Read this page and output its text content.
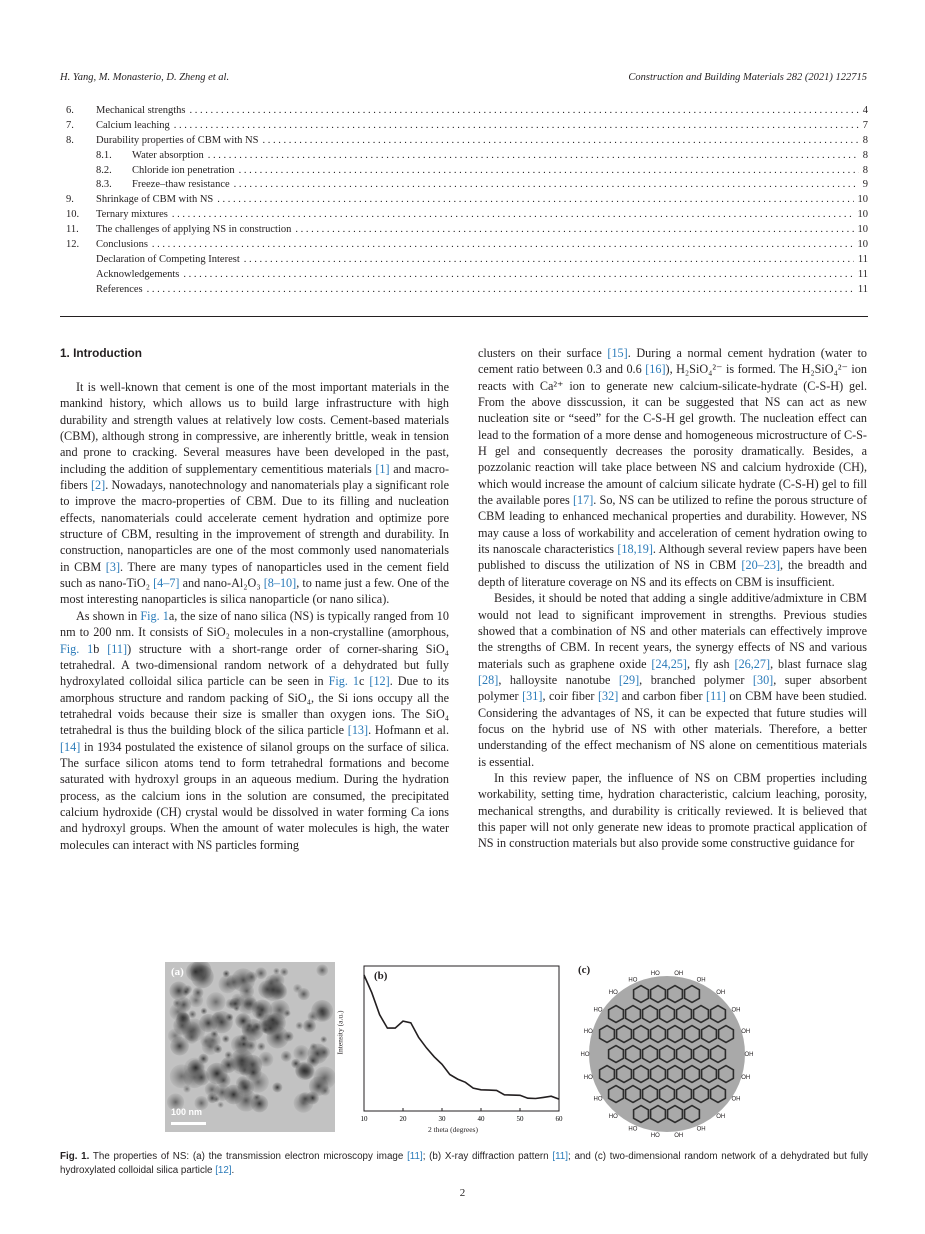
H. Yang, M. Monasterio, D. Zheng et al.	Construction and Building Materials 282 (2021) 122715
6.	Mechanical strengths . . .	4
7.	Calcium leaching . . .	7
8.	Durability properties of CBM with NS . . .	8
8.1.	Water absorption . . .	8
8.2.	Chloride ion penetration . . .	8
8.3.	Freeze–thaw resistance . . .	9
9.	Shrinkage of CBM with NS . . .	10
10.	Ternary mixtures . . .	10
11.	The challenges of applying NS in construction . . .	10
12.	Conclusions . . .	10
Declaration of Competing Interest . . .	11
Acknowledgements . . .	11
References . . .	11
1. Introduction

It is well-known that cement is one of the most important materials in the mankind history, which allows us to build large infrastructure with high durability and strength values at relatively low costs. Cement-based materials (CBM), although strong in compressive, are inherently brittle, weak in tension and prone to cracking. Several measures have been developed in the past, including the addition of supplementary cementitious materials [1] and macro-fibers [2]. Nowadays, nanotechnology and nanomaterials play a significant role to improve the macro-properties of CBM. Due to its filling and nucleation effects, nanomaterials could accelerate cement hydration and optimize pore structure of CBM, resulting in the improvement of strength and durability. In construction, nanoparticles are one of the most commonly used nanomaterials in CBM [3]. There are many types of nanoparticles used in the cement field such as nano-TiO₂ [4–7] and nano-Al₂O₃ [8–10], to name just a few. One of the most interesting nanoparticles is silica nanoparticle (or nano silica).

As shown in Fig. 1a, the size of nano silica (NS) is typically ranged from 10 nm to 200 nm. It consists of SiO₂ molecules in a non-crystalline (amorphous, Fig. 1b [11]) structure with a short-range order of corner-sharing SiO₄ tetrahedral. A two-dimensional random network of a dehydrated but fully hydroxylated colloidal silica particle can be seen in Fig. 1c [12]. Due to its amorphous structure and random packing of SiO₄, the Si ions occupy all the tetrahedral voids because their size is smaller than oxygen ions. The SiO₄ tetrahedral is thus the building block of the silica particle [13]. Hofmann et al. [14] in 1934 postulated the existence of silanol groups on the surface of silica. The surface silicon atoms tend to form tetrahedral formations and become saturated with hydroxyl groups in an aqueous medium. During the hydration process, as the calcium ions in the solution are consumed, the precipitated calcium hydroxide (CH) crystal would be dissolved in water forming Ca ions and hydroxyl groups. When the amount of water molecules is high, the water molecules can interact with NS particles forming

clusters on their surface [15]. During a normal cement hydration (water to cement ratio between 0.3 and 0.6 [16]), H₂SiO₄²⁻ is formed. The H₂SiO₄²⁻ ion reacts with Ca²⁺ ion to generate new calcium-silicate-hydrate (C-S-H) gel. From the above disscussion, it can be suggested that NS can act as new nucleation site or “seed” for the C-S-H gel growth. The nucleation effect can lead to the formation of a more dense and homogeneous microstructure of C-S-H gel and consequently decreases the porosity dramatically. Besides, a pozzolanic reaction will take place between NS and calcium hydroxide (CH), which would increase the amount of calcium silicate hydrate (C-S-H) gel to fill the available pores [17]. So, NS can be utilized to refine the porous structure of CBM leading to enhanced mechanical properties and durability. However, NS may cause a loss of workability and acceleration of cement hydration owing to its nanoscale characteristics [18,19]. Although several review papers have been published to discuss the utilization of NS in CBM [20–23], the breadth and depth of literature coverage on NS and its effects on CBM is insufficient.

Besides, it should be noted that adding a single additive/admixture in CBM would not lead to significant improvement in strengths. Previous studies showed that a combination of NS and other materials can effectively improve the strengths of CBM. In recent years, the synergy effects of NS and various materials such as graphene oxide [24,25], fly ash [26,27], blast furnace slag [28], halloysite nanotube [29], branched polymer [30], super absorbent polymer [31], coir fiber [32] and carbon fiber [11] on CBM have been studied. Considering the advantages of NS, it can be expected that future studies will focus on the hybrid use of NS with other materials. Therefore, a better understanding of the effect mechanism of NS alone on cementitious materials is essential.

In this review paper, the influence of NS on CBM properties including workability, setting time, hydration characteristic, calcium leaching, porosity, mechanical strengths, and durability is critically reviewed. It is believed that this paper will not only generate new ideas to promote practical application of NS in construction materials but also provide some constructive guidance for

(a)
100 nm
10	20	30	40	50	60
(b)
Intensity (a.u.)
2 theta (degrees)
OH
OH
OH
OH
OH
OH
HO
HO
HO
HO
HO
HO
HO
HO
HO
HO
HO OH
OH
OH
OH
OH
(c)
Fig. 1. The properties of NS: (a) the transmission electron microscopy image [11]; (b) X-ray diffraction pattern [11]; and (c) two-dimensional random network of a dehydrated but fully hydroxylated colloidal silica particle [12].
2
